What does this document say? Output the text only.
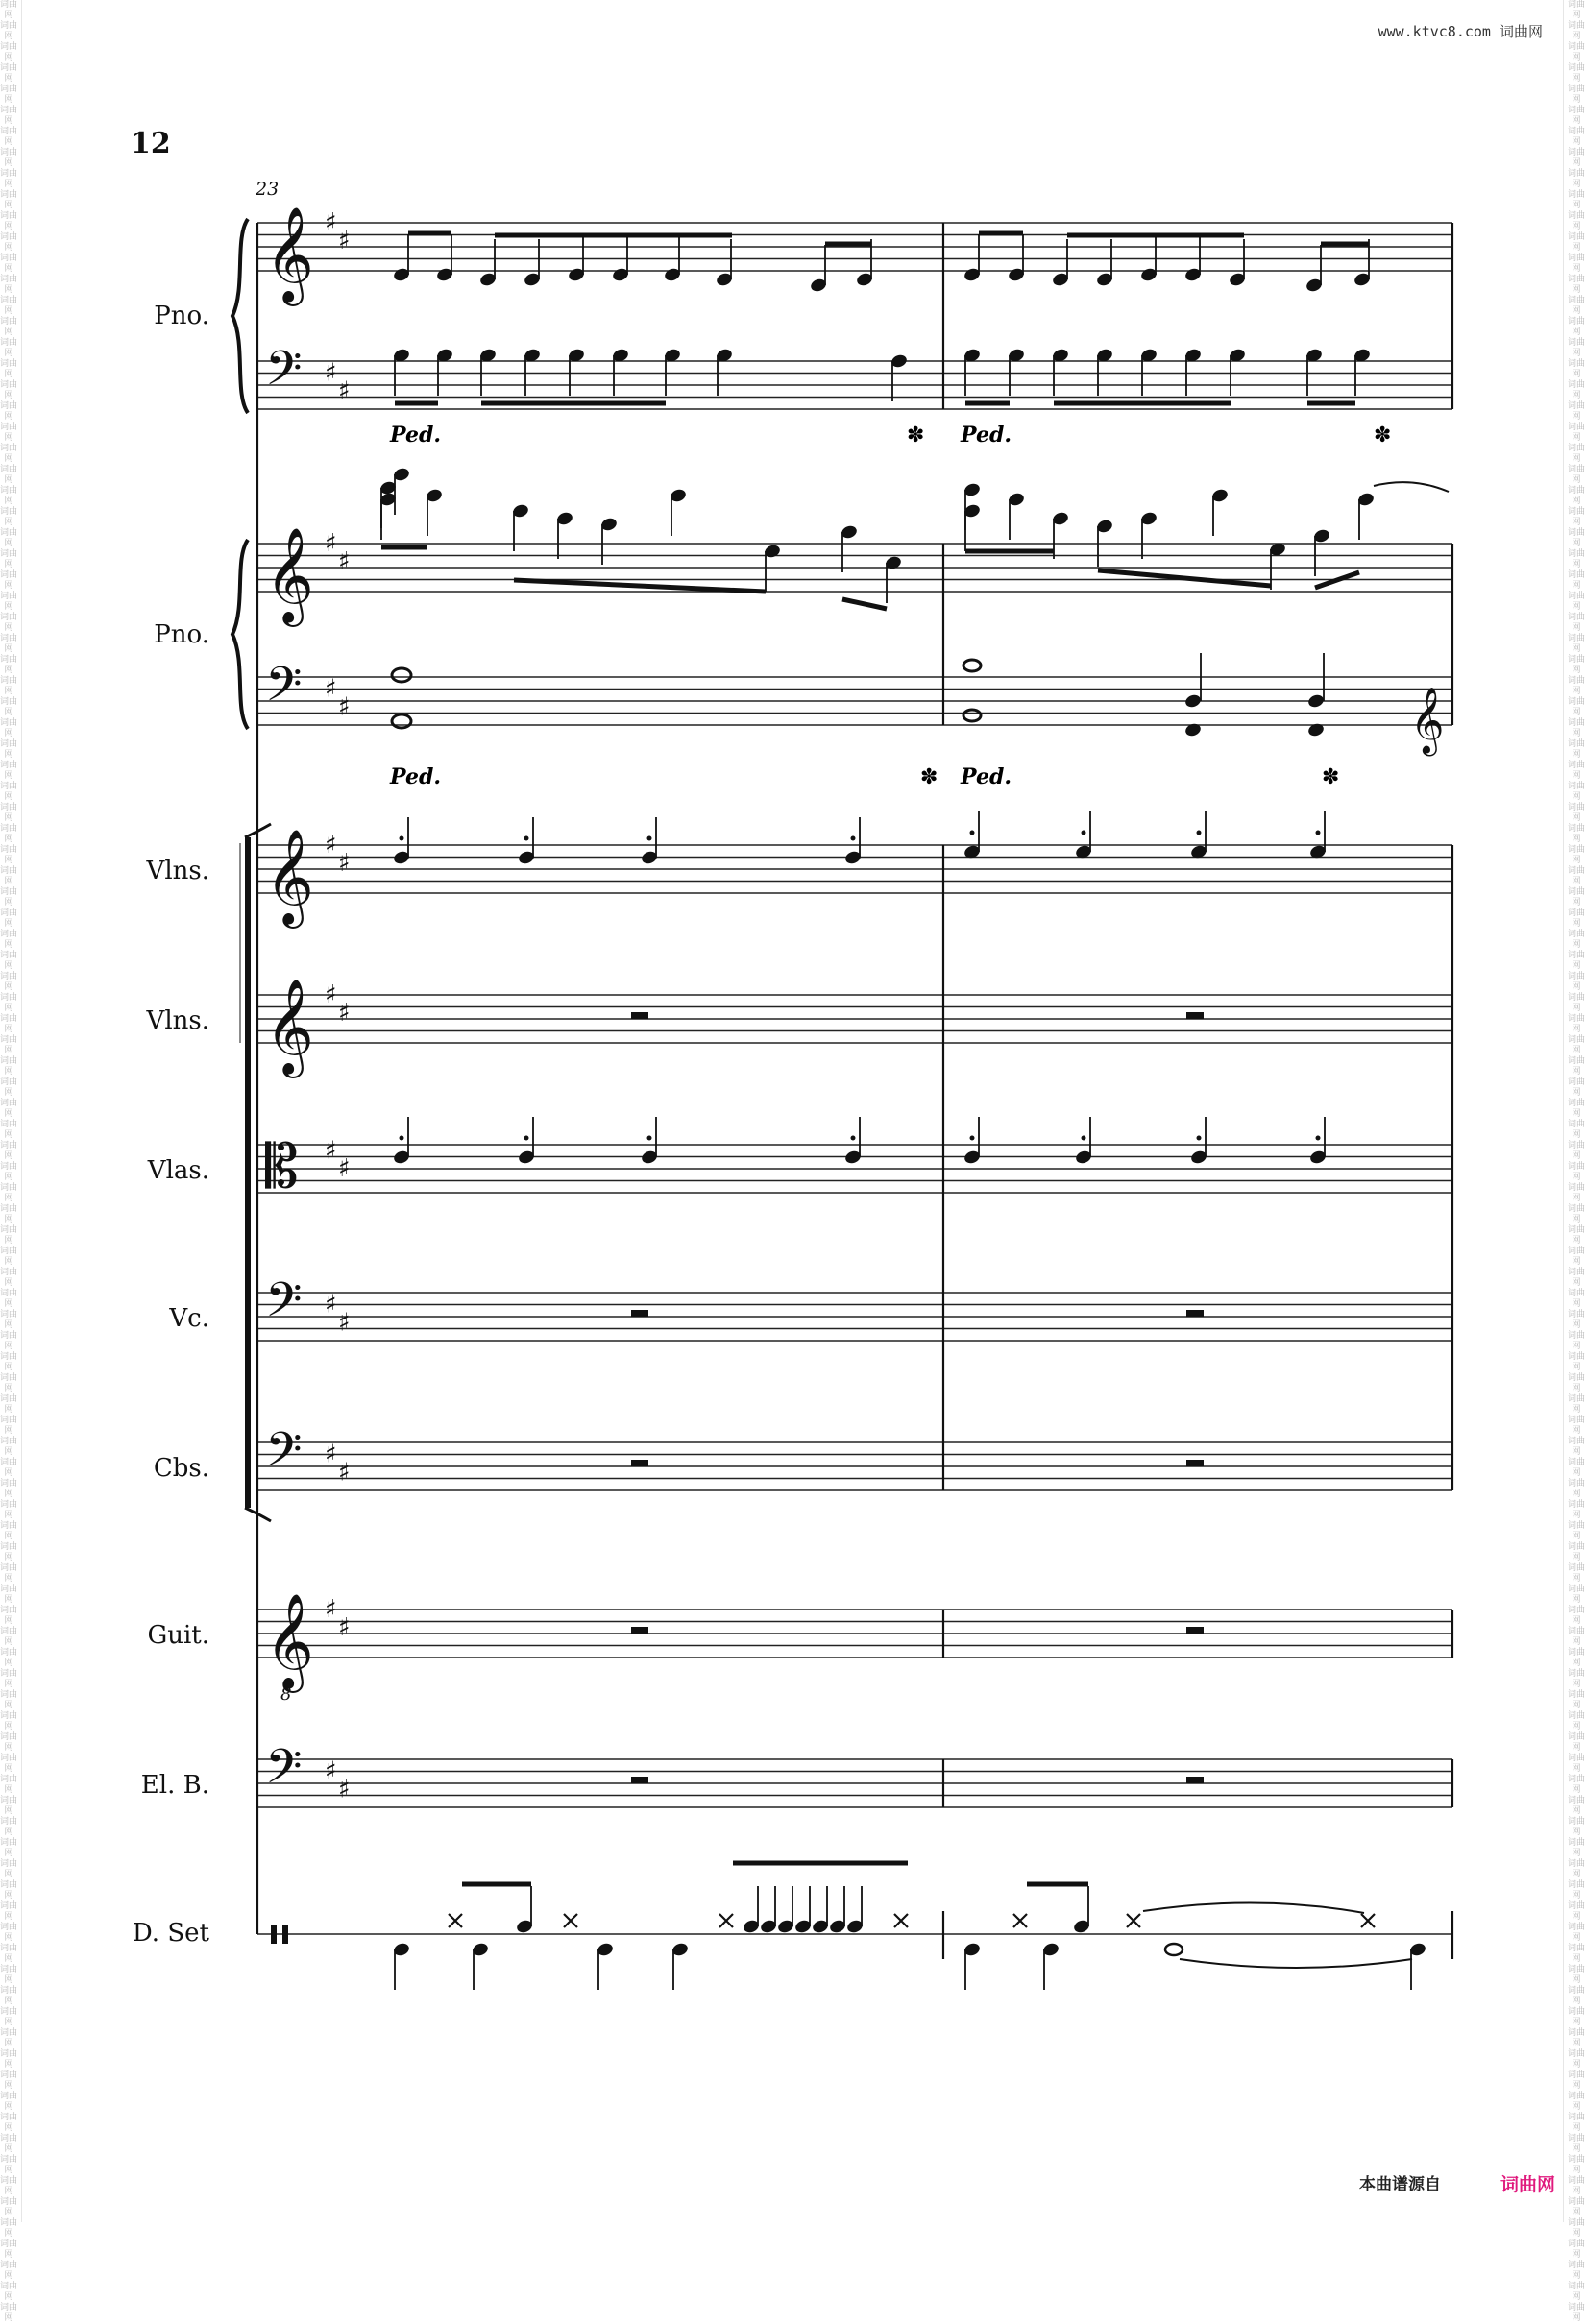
词曲网 词曲网 词曲网 词曲网 词曲网 词曲网 词曲网 词曲网 词曲网 词曲网 词曲网 词曲网 词曲网 词曲网 词曲网 词曲网 词曲网 词曲网 词曲网 词曲网 词曲网 词曲网 词曲网 词曲网 词曲网 词曲网 词曲网 词曲网 词曲网 词曲网 词曲网 词曲网 词曲网 词曲网 词曲网 词曲网 词曲网 词曲网 词曲网 词曲网 词曲网 词曲网 词曲网 词曲网 词曲网 词曲网 词曲网 词曲网 词曲网 词曲网 词曲网 词曲网 词曲网 词曲网 词曲网 词曲网 词曲网 词曲网 词曲网 词曲网 词曲网 词曲网 词曲网 词曲网 词曲网 词曲网 词曲网 词曲网 词曲网 词曲网 词曲网 词曲网 词曲网 词曲网 词曲网 词曲网 词曲网 词曲网 词曲网 词曲网 词曲网 词曲网 词曲网 词曲网 词曲网 词曲网 词曲网 词曲网 词曲网 词曲网 词曲网 词曲网 词曲网 词曲网 词曲网 词曲网 词曲网 词曲网 词曲网 词曲网 词曲网 词曲网 词曲网 词曲网 词曲网 词曲网 词曲网 词曲网 词曲网 词曲网
词曲网 词曲网 词曲网 词曲网 词曲网 词曲网 词曲网 词曲网 词曲网 词曲网 词曲网 词曲网 词曲网 词曲网 词曲网 词曲网 词曲网 词曲网 词曲网 词曲网 词曲网 词曲网 词曲网 词曲网 词曲网 词曲网 词曲网 词曲网 词曲网 词曲网 词曲网 词曲网 词曲网 词曲网 词曲网 词曲网 词曲网 词曲网 词曲网 词曲网 词曲网 词曲网 词曲网 词曲网 词曲网 词曲网 词曲网 词曲网 词曲网 词曲网 词曲网 词曲网 词曲网 词曲网 词曲网 词曲网 词曲网 词曲网 词曲网 词曲网 词曲网 词曲网 词曲网 词曲网 词曲网 词曲网 词曲网 词曲网 词曲网 词曲网 词曲网 词曲网 词曲网 词曲网 词曲网 词曲网 词曲网 词曲网 词曲网 词曲网 词曲网 词曲网 词曲网 词曲网 词曲网 词曲网 词曲网 词曲网 词曲网 词曲网 词曲网 词曲网 词曲网 词曲网 词曲网 词曲网 词曲网 词曲网 词曲网 词曲网 词曲网 词曲网 词曲网 词曲网 词曲网 词曲网 词曲网 词曲网 词曲网 词曲网
www.ktvc8.com 词曲网
12
23
Pno.
Pno.
Vlns.
Vlns.
Vlas.
Vc.
Cbs.
Guit.
El. B.
D. Set
𝄞
𝄢
𝄞
𝄢
𝄞
𝄞
𝄡
𝄢
𝄢
𝄞
8
𝄢
𝄞
♯
♯
♯
♯
♯
♯
♯
♯
♯
♯
♯
♯
♯
♯
♯
♯
♯
♯
♯
♯
♯
♯
Ped.	✽ Ped.	✽
Ped.	✽ Ped.	✽
本曲谱源自	词曲网
